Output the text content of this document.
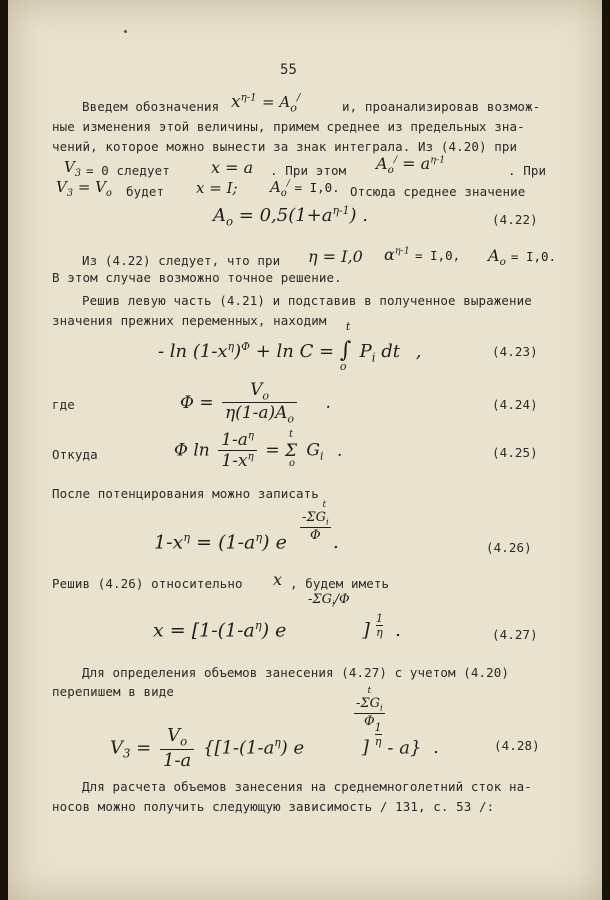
55
Введем обозначения $x^{\eta-1} = A_o^/$
и, проанализировав возмож-
ные изменения этой величины, примем среднее из предельных зна-
чений, которое можно вынести за знак интеграла. Из (4.20) при
$V_3 = 0$ следует	x = a . При этом $A_o^/ = a^{\eta-1}$
. При
$V_3 = V_o$ будет x = I; $A_o^/ = I,0$. Отсюда среднее значение
$A_o = 0,5(1+a^{\eta-1})$ .	(4.22)
Из (4.22) следует, что при η = I,0 $\alpha^{\eta-1} = I,0$, $A_o = I,0$.
В этом случае возможно точное решение.
Решив левую часть (4.21) и подставив в полученное выражение
значения прежних переменных, находим
- $\ln (1-x^\eta)^\Phi + \ln C$ =
t
∫
o
$P_i$ dt ,	(4.23)
где	$\Phi = \frac{V_o}{\eta(1-a)A_o}$ .	(4.24)
Откуда	Φ $\ln \frac{1-a^\eta}{1-x^\eta}$ =
t
Σ
o
$G_i$ .	(4.25)
После потенцирования можно записать
t
$-\Sigma G_i$
Φ
$1-x^\eta = (1-a^\eta)$ e .	(4.26)
Решив (4.26) относительно x , будем иметь
$-\Sigma G_i/\Phi$
$x = [1-(1-a^\eta)$ e	] $\frac{1}{\eta}$ .	(4.27)
Для определения объемов занесения (4.27) с учетом (4.20)
перепишем в виде	t
$-\Sigma G_i$
Φ
$V_3 = \frac{V_o}{1-a} \{[1-(1-a^\eta)$ e	] $\frac{1}{\eta} - a$} .	(4.28)
Для расчета объемов занесения на среднемноголетний сток на-
носов можно получить следующую зависимость / 131, с. 53 /:
